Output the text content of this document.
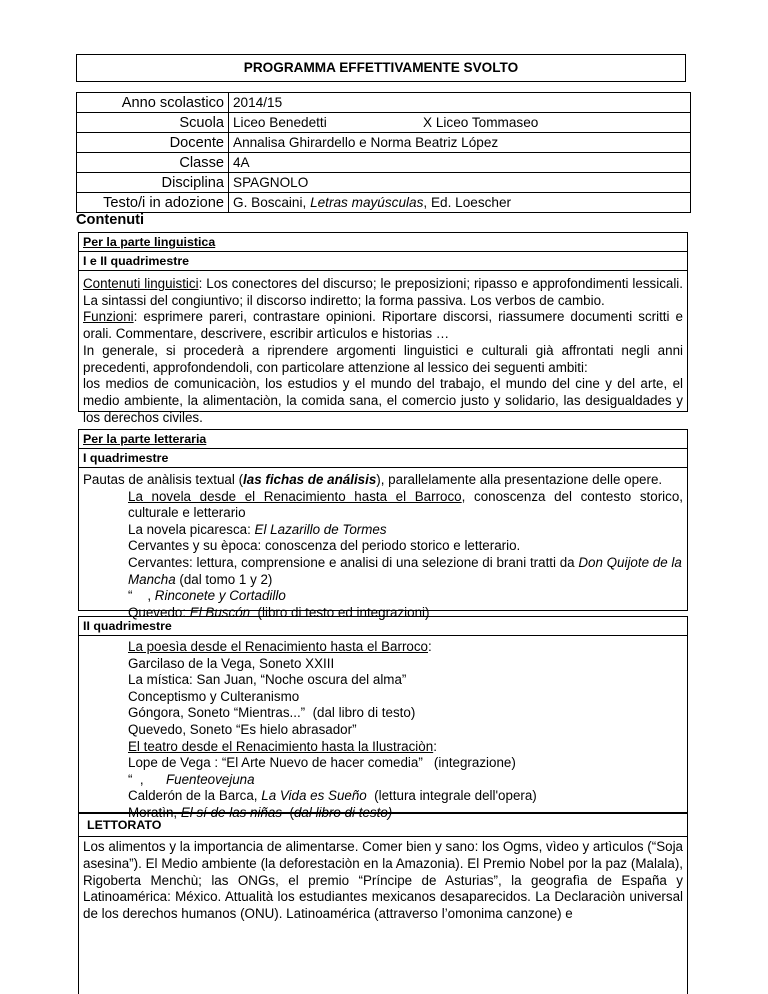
PROGRAMMA EFFETTIVAMENTE SVOLTO
Anno scolastico	2014/15
Scuola	Liceo Benedetti X Liceo Tommaseo
Docente	Annalisa Ghirardello e Norma Beatriz López
Classe	4A
Disciplina	SPAGNOLO
Testo/i in adozione	G. Boscaini, Letras mayúsculas, Ed. Loescher
Contenuti
Per la parte linguistica
I e II quadrimestre

Contenuti linguistici: Los conectores del discurso; le preposizioni; ripasso e approfondimenti lessicali. La sintassi del congiuntivo; il discorso indiretto; la forma passiva. Los verbos de cambio.

Funzioni: esprimere pareri, contrastare opinioni. Riportare discorsi, riassumere documenti scritti e orali. Commentare, descrivere, escribir artìculos e historias …

In generale, si procederà a riprendere argomenti linguistici e culturali già affrontati negli anni precedenti, approfondendoli, con particolare attenzione al lessico dei seguenti ambiti:

los medios de comunicaciòn, los estudios y el mundo del trabajo, el mundo del cine y del arte, el medio ambiente, la alimentaciòn, la comida sana, el comercio justo y solidario, las desigualdades y los derechos civiles.

Per la parte letteraria
I quadrimestre

Pautas de anàlisis textual (las fichas de análisis), parallelamente alla presentazione delle opere.

La novela desde el Renacimiento hasta el Barroco, conoscenza del contesto storico, culturale e letterario

La novela picaresca: El Lazarillo de Tormes

Cervantes y su època: conoscenza del periodo storico e letterario.

Cervantes: lettura, comprensione e analisi di una selezione di brani tratti da Don Quijote de la Mancha (dal tomo 1 y 2)

“    , Rinconete y Cortadillo

Quevedo: El Buscón  (libro di testo ed integrazioni)

II quadrimestre

La poesìa desde el Renacimiento hasta el Barroco:

Garcilaso de la Vega, Soneto XXIII

La mística: San Juan, “Noche oscura del alma”

Conceptismo y Culteranismo

Góngora, Soneto “Mientras...”  (dal libro di testo)

Quevedo, Soneto “Es hielo abrasador”

El teatro desde el Renacimiento hasta la Ilustraciòn:

Lope de Vega : “El Arte Nuevo de hacer comedia”   (integrazione)

“  ,      Fuenteovejuna

Calderón de la Barca, La Vida es Sueño  (lettura integrale dell'opera)

Moratìn, El sí de las niñas  (dal libro di testo)

LETTORATO

Los alimentos y la importancia de alimentarse. Comer bien y sano: los Ogms, vìdeo y artìculos (“Soja asesina”). El Medio ambiente (la deforestaciòn en la Amazonia). El Premio Nobel por la paz (Malala), Rigoberta Menchù; las ONGs, el premio “Príncipe de Asturias”, la geografìa de España y Latinoamérica: México. Attualità los estudiantes mexicanos desaparecidos. La Declaraciòn universal de los derechos humanos (ONU). Latinoamérica (attraverso l’omonima canzone) e
